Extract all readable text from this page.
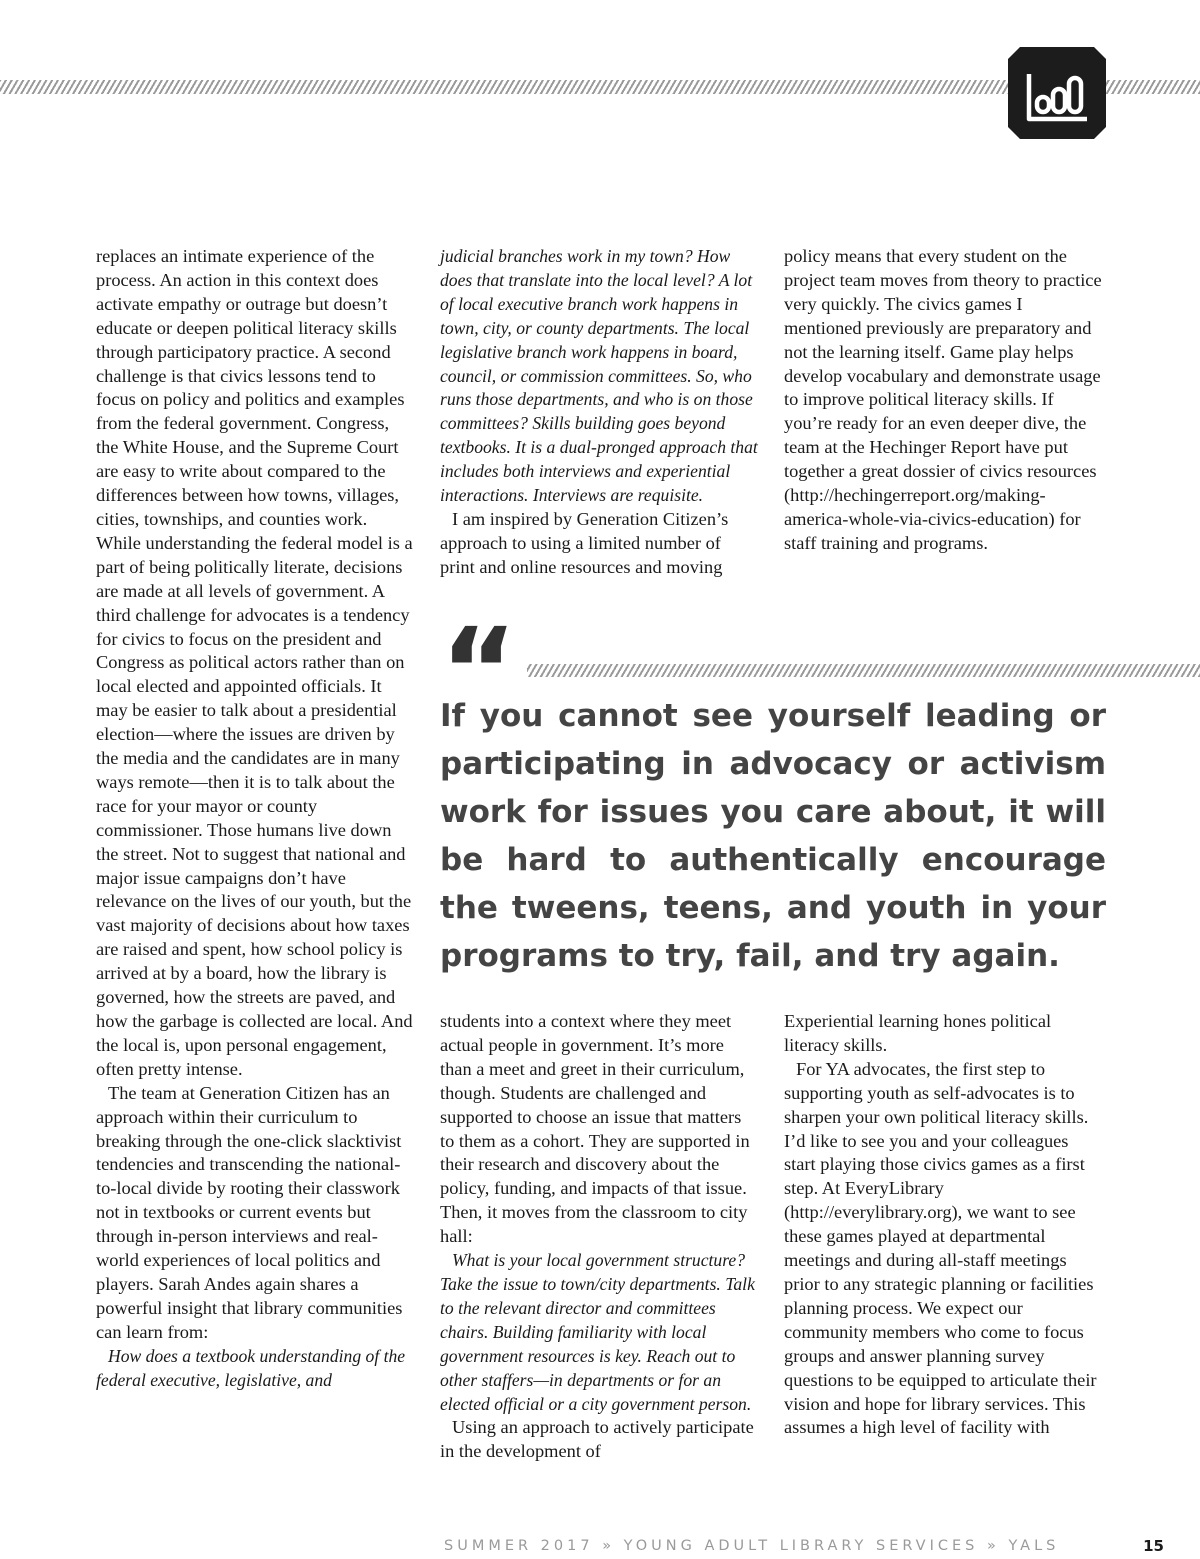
replaces an intimate experience of the process. An action in this context does activate empathy or outrage but doesn’t educate or deepen political literacy skills through participatory practice. A second challenge is that civics lessons tend to focus on policy and politics and examples from the federal government. Congress, the White House, and the Supreme Court are easy to write about compared to the differences between how towns, villages, cities, townships, and counties work. While understanding the federal model is a part of being politically literate, decisions are made at all levels of government. A third challenge for advocates is a tendency for civics to focus on the president and Congress as political actors rather than on local elected and appointed officials. It may be easier to talk about a presidential election—where the issues are driven by the media and the candidates are in many ways remote—then it is to talk about the race for your mayor or county commissioner. Those humans live down the street. Not to suggest that national and major issue campaigns don’t have relevance on the lives of our youth, but the vast majority of decisions about how taxes are raised and spent, how school policy is arrived at by a board, how the library is governed, how the streets are paved, and how the garbage is collected are local. And the local is, upon personal engagement, often pretty intense.

The team at Generation Citizen has an approach within their curriculum to breaking through the one-click slacktivist tendencies and transcending the national-to-local divide by rooting their classwork not in textbooks or current events but through in-person interviews and real-world experiences of local politics and players. Sarah Andes again shares a powerful insight that library communities can learn from:

How does a textbook understanding of the federal executive, legislative, and

judicial branches work in my town? How does that translate into the local level? A lot of local executive branch work happens in town, city, or county departments. The local legislative branch work happens in board, council, or commission committees. So, who runs those departments, and who is on those committees? Skills building goes beyond textbooks. It is a dual-pronged approach that includes both interviews and experiential interactions. Interviews are requisite.

I am inspired by Generation Citizen’s approach to using a limited number of print and online resources and moving

policy means that every student on the project team moves from theory to practice very quickly. The civics games I mentioned previously are preparatory and not the learning itself. Game play helps develop vocabulary and demonstrate usage to improve political literacy skills. If you’re ready for an even deeper dive, the team at the Hechinger Report have put together a great dossier of civics resources (http://hechingerreport.org/making-america-whole-via-civics-education) for staff training and programs.

“
If you cannot see yourself leading or participating in advocacy or activism work for issues you care about, it will be hard to authentically encourage the tweens, teens, and youth in your programs to try, fail, and try again.

students into a context where they meet actual people in government. It’s more than a meet and greet in their curriculum, though. Students are challenged and supported to choose an issue that matters to them as a cohort. They are supported in their research and discovery about the policy, funding, and impacts of that issue. Then, it moves from the classroom to city hall:

What is your local government structure? Take the issue to town/city departments. Talk to the relevant director and committees chairs. Building familiarity with local government resources is key. Reach out to other staffers—in departments or for an elected official or a city government person.

Using an approach to actively participate in the development of

Experiential learning hones political literacy skills.

For YA advocates, the first step to supporting youth as self-advocates is to sharpen your own political literacy skills. I’d like to see you and your colleagues start playing those civics games as a first step. At EveryLibrary (http://everylibrary.org), we want to see these games played at departmental meetings and during all-staff meetings prior to any strategic planning or facilities planning process. We expect our community members who come to focus groups and answer planning survey questions to be equipped to articulate their vision and hope for library services. This assumes a high level of facility with

SUMMER 2017 » YOUNG ADULT LIBRARY SERVICES » YALS	15
